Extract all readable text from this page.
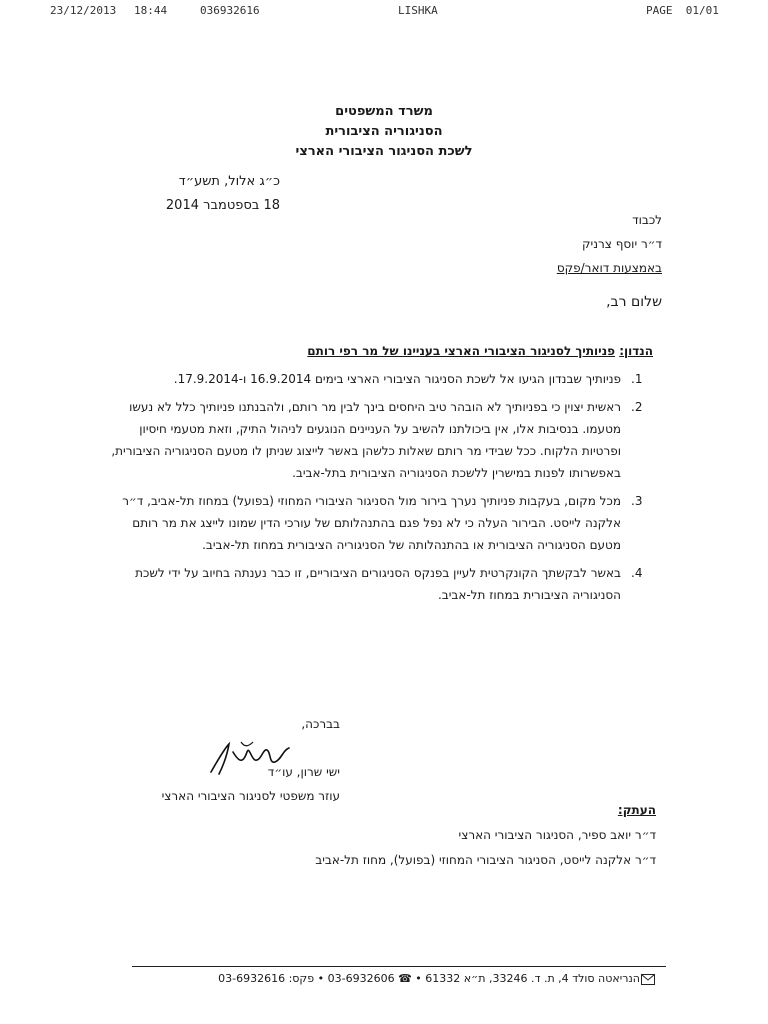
23/12/2013 18:44	036932616	LISHKA	PAGE  01/01
משרד המשפטים
הסניגוריה הציבורית
לשכת הסניגור הציבורי הארצי
כ״ג אלול, תשע״ד
18 בספטמבר 2014
לכבוד
ד״ר יוסף צרניק
באמצעות דואר/פקס
שלום רב,
הנדון: פניותיך לסניגור הציבורי הארצי בעניינו של מר רפי רותם
.1
פניותיך שבנדון הגיעו אל לשכת הסניגור הציבורי הארצי בימים 16.9.2014 ו-17.9.2014.
.2
ראשית יצוין כי בפניותיך לא הובהר טיב היחסים בינך לבין מר רותם, ולהבנתנו פניותיך כלל לא נעשו מטעמו. בנסיבות אלו, אין ביכולתנו להשיב על העניינים הנוגעים לניהול התיק, וזאת מטעמי חיסיון ופרטיות הלקוח. ככל שבידי מר רותם שאלות כלשהן באשר לייצוג שניתן לו מטעם הסניגוריה הציבורית, באפשרותו לפנות במישרין ללשכת הסניגוריה הציבורית בתל-אביב.
.3
מכל מקום, בעקבות פניותיך נערך בירור מול הסניגור הציבורי המחוזי (בפועל) במחוז תל-אביב, ד״ר אלקנה לייסט. הבירור העלה כי לא נפל פגם בהתנהלותם של עורכי הדין שמונו לייצג את מר רותם מטעם הסניגוריה הציבורית או בהתנהלותה של הסניגוריה הציבורית במחוז תל-אביב.
.4
באשר לבקשתך הקונקרטית לעיין בפנקס הסניגורים הציבוריים, זו כבר נענתה בחיוב על ידי לשכת הסניגוריה הציבורית במחוז תל-אביב.
בברכה,
ישי שרון, עו״ד
עוזר משפטי לסניגור הציבורי הארצי
העתק:
ד״ר יואב ספיר, הסניגור הציבורי הארצי
ד״ר אלקנה לייסט, הסניגור הציבורי המחוזי (בפועל), מחוז תל-אביב
הנריאטה סולד 4, ת. ד. 33246, ת״א 61332 • ☎ 03-6932606 • פקס: 03-6932616
